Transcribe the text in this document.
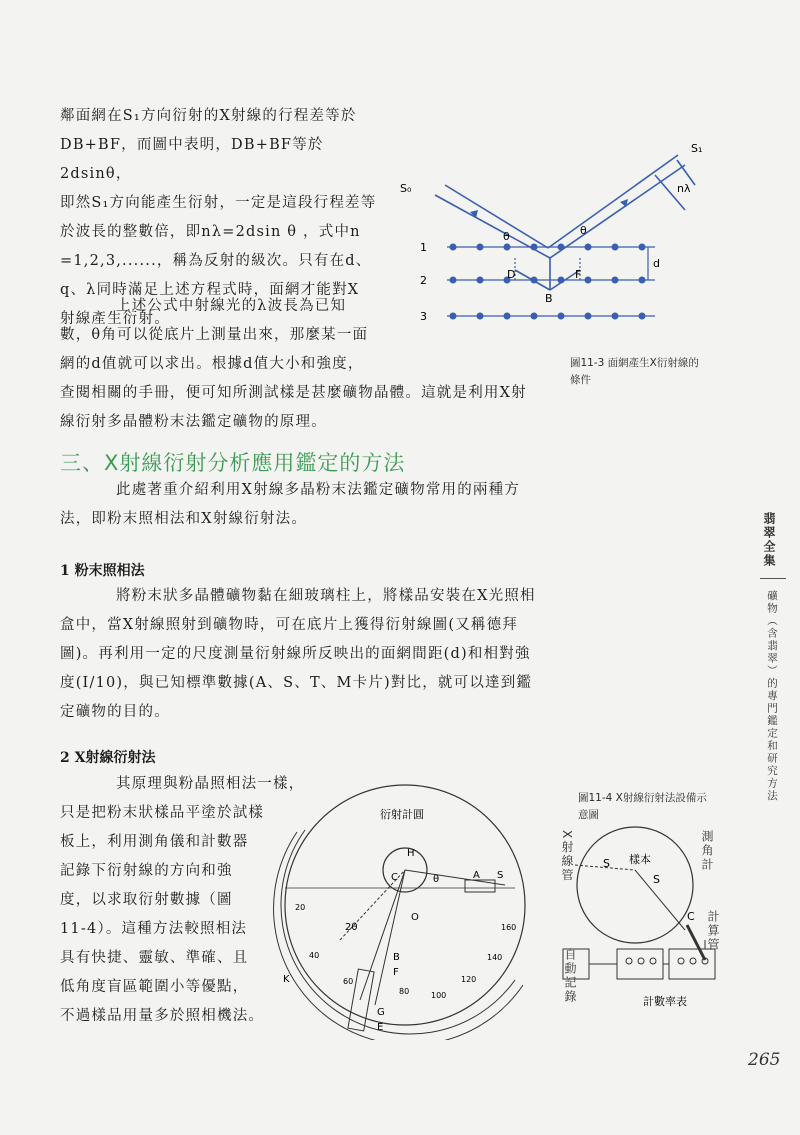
鄰面網在S₁方向衍射的X射線的行程差等於
DB+BF，而圖中表明，DB+BF等於2dsinθ，
即然S₁方向能產生衍射，一定是這段行程差等
於波長的整數倍，即nλ=2dsin θ ，式中n
=1,2,3,......，稱為反射的級次。只有在d、
q、λ同時滿足上述方程式時，面網才能對X
射線產生衍射。
上述公式中射線光的λ波長為已知
數，θ角可以從底片上測量出來，那麼某一面
網的d值就可以求出。根據d值大小和強度，
查閱相關的手冊，便可知所測試樣是甚麼礦物晶體。這就是利用X射
線衍射多晶體粉末法鑑定礦物的原理。
S₀
S₁
nλ
θ	θ
d
D	F
B
1
2
3
圖11-3 面網產生X衍射線的
條件
三、X射線衍射分析應用鑑定的方法
此處著重介紹利用X射線多晶粉末法鑑定礦物常用的兩種方
法，即粉末照相法和X射線衍射法。
1 粉末照相法
將粉末狀多晶體礦物黏在細玻璃柱上，將樣品安裝在X光照相
盒中，當X射線照射到礦物時，可在底片上獲得衍射線圖(又稱德拜
圖)。再利用一定的尺度測量衍射線所反映出的面網間距(d)和相對強
度(I/10)，與已知標準數據(A、S、T、M卡片)對比，就可以達到鑑
定礦物的目的。
2 X射線衍射法
其原理與粉晶照相法一樣，
只是把粉末狀樣品平塗於試樣
板上，利用測角儀和計數器
記錄下衍射線的方向和強
度，以求取衍射數據（圖
11-4）。這種方法較照相法
具有快捷、靈敏、準確、且
低角度盲區範圍小等優點，
不過樣品用量多於照相機法。
衍射計圓
H
C	θ	A S
O
2θ
B
F
K
G
E
160
140
120
100
80
60
40
20
圖11-4 X射線衍射法設備示
意圖
S 樣本
S
C
計數率表
X射線管	測角計
計算管
自動記錄
翡翠全集
礦物（含翡翠）的專門鑑定和研究方法
265
